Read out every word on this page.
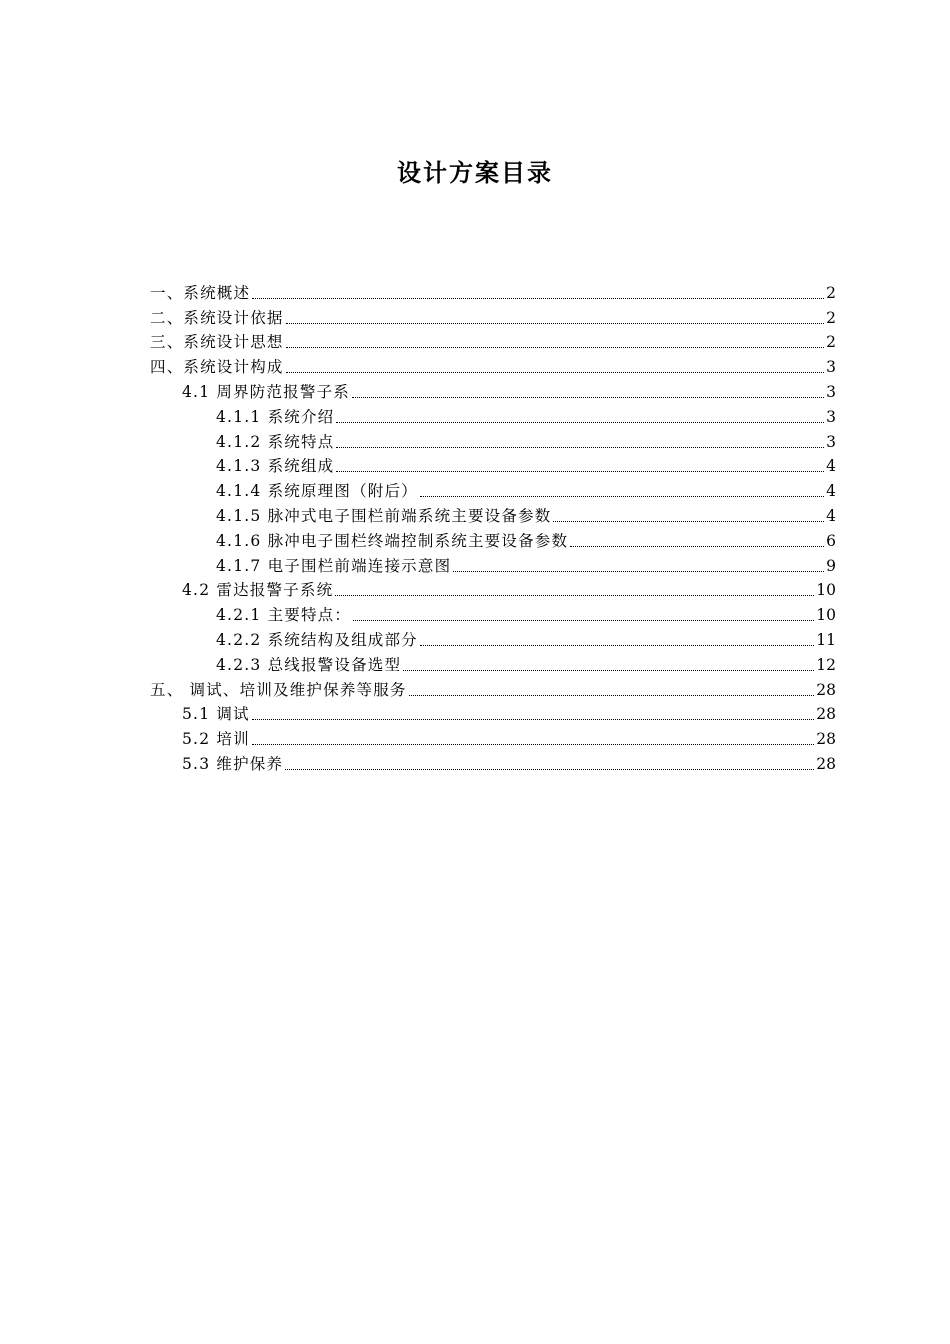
设计方案目录
一、系统概述	2
二、系统设计依据	2
三、系统设计思想	2
四、系统设计构成	3
4.1 周界防范报警子系	3
4.1.1 系统介绍	3
4.1.2 系统特点	3
4.1.3 系统组成	4
4.1.4 系统原理图（附后）	4
4.1.5 脉冲式电子围栏前端系统主要设备参数	4
4.1.6 脉冲电子围栏终端控制系统主要设备参数	6
4.1.7 电子围栏前端连接示意图	9
4.2 雷达报警子系统	10
4.2.1 主要特点：	10
4.2.2 系统结构及组成部分	11
4.2.3 总线报警设备选型	12
五、 调试、培训及维护保养等服务	28
5.1 调试	28
5.2 培训	28
5.3 维护保养	28
